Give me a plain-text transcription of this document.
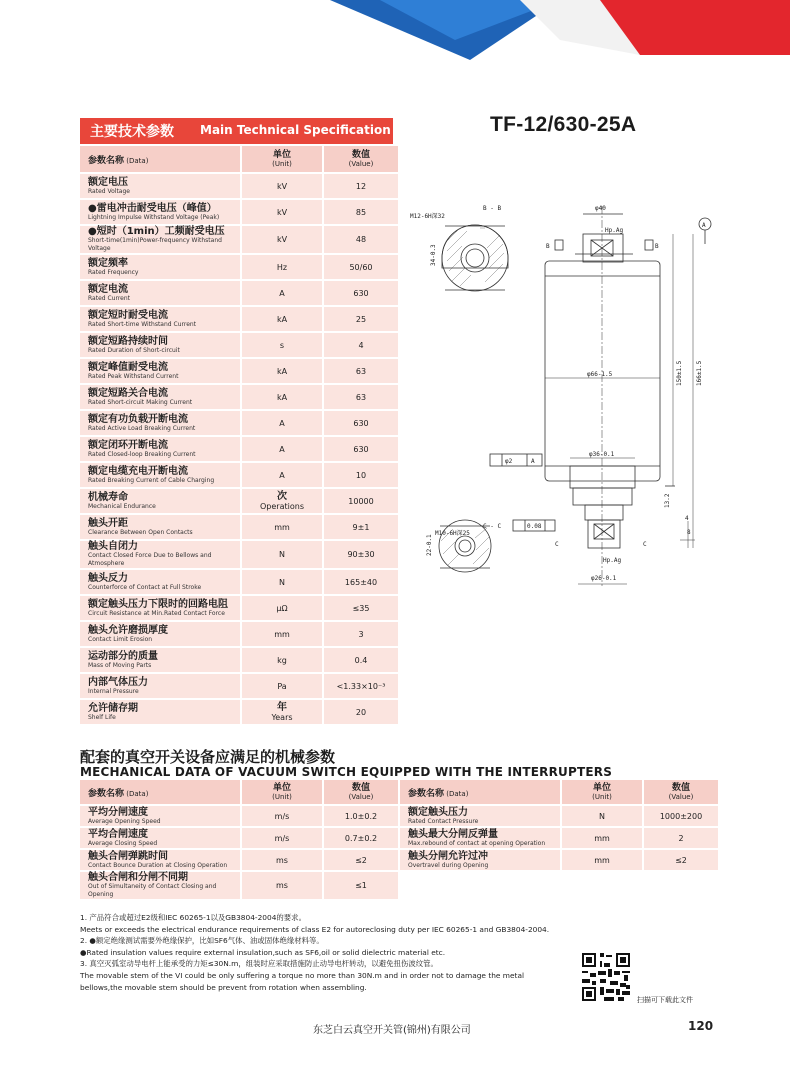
主要技术参数 Main Technical Specification	TF-12/630-25A
参数名称 (Data)	单位
(Unit)	数值
(Value)

额定电压
Rated Voltage	kV	12

●雷电冲击耐受电压（峰值）
Lightning Impulse Withstand Voltage (Peak)	kV	85

●短时（1min）工频耐受电压
Short-time(1min)Power-frequency Withstand Voltage	kV	48

额定频率
Rated Frequency	Hz	50/60

额定电流
Rated Current	A	630

额定短时耐受电流
Rated Short-time Withstand Current	kA	25

额定短路持续时间
Rated Duration of Short-circuit	s	4

额定峰值耐受电流
Rated Peak Withstand Current	kA	63

额定短路关合电流
Rated Short-circuit Making Current	kA	63

额定有功负载开断电流
Rated Active Load Breaking Current	A	630

额定闭环开断电流
Rated Closed-loop Breaking Current	A	630

额定电缆充电开断电流
Rated Breaking Current of Cable Charging	A	10

机械寿命
Mechanical Endurance	次
Operations	10000

触头开距
Clearance Between Open Contacts	mm	9±1

触头自闭力
Contact Closed Force Due to Bellows and Atmosphere	N	90±30

触头反力
Counterforce of Contact at Full Stroke	N	165±40

额定触头压力下限时的回路电阻
Circuit Resistance at Min.Rated Contact Force	μΩ	≤35

触头允许磨损厚度
Contact Limit Erosion	mm	3

运动部分的质量
Mass of Moving Parts	kg	0.4

内部气体压力
Internal Pressure	Pa	<1.33×10⁻³

允许储存期
Shelf Life	年
Years	20
B - B
M12-6H深32
φ40
Hp.Ag
φ66-1.5
φ36-0.1
φ26-0.1
150±1.5 166±1.5
13.2
34-0.3
22-0.1
φ2	A
0.08
C - C
M10-6H深25
Hp.Ag
4
8
B	B
C	C
A
配套的真空开关设备应满足的机械参数
MECHANICAL DATA OF VACUUM SWITCH EQUIPPED WITH THE INTERRUPTERS
参数名称 (Data)	单位
(Unit)	数值
(Value)

平均分闸速度
Average Opening Speed	m/s	1.0±0.2

平均合闸速度
Average Closing Speed	m/s	0.7±0.2

触头合闸弹跳时间
Contact Bounce Duration at Closing Operation	ms	≤2

触头合闸和分闸不同期
Out of Simultaneity of Contact Closing and Opening	ms	≤1
参数名称 (Data)	单位
(Unit)	数值
(Value)

额定触头压力
Rated Contact Pressure	N	1000±200

触头最大分闸反弹量
Max.rebound of contact at opening Operation	mm	2

触头分闸允许过冲
Overtravel during Opening	mm	≤2
1. 产品符合或超过E2级和IEC 60265-1以及GB3804-2004的要求。
Meets or exceeds the electrical endurance requirements of class E2 for autoreclosing duty per IEC 60265-1 and GB3804-2004.
2. ●额定绝缘测试需要外绝缘保护，比如SF6气体、油或固体绝缘材料等。
●Rated insulation values require external insulation,such as SF6,oil or solid dielectric material etc.
3. 真空灭弧室动导电杆上能承受的力矩≤30N.m，组装时应采取措施防止动导电杆转动，以避免扭伤波纹管。
The movable stem of the VI could be only suffering a torque no more than 30N.m and in order not to damage the metal
bellows,the movable stem should be prevent from rotation when assembling.
扫描可下载此文件
东芝白云真空开关管(锦州)有限公司	120
